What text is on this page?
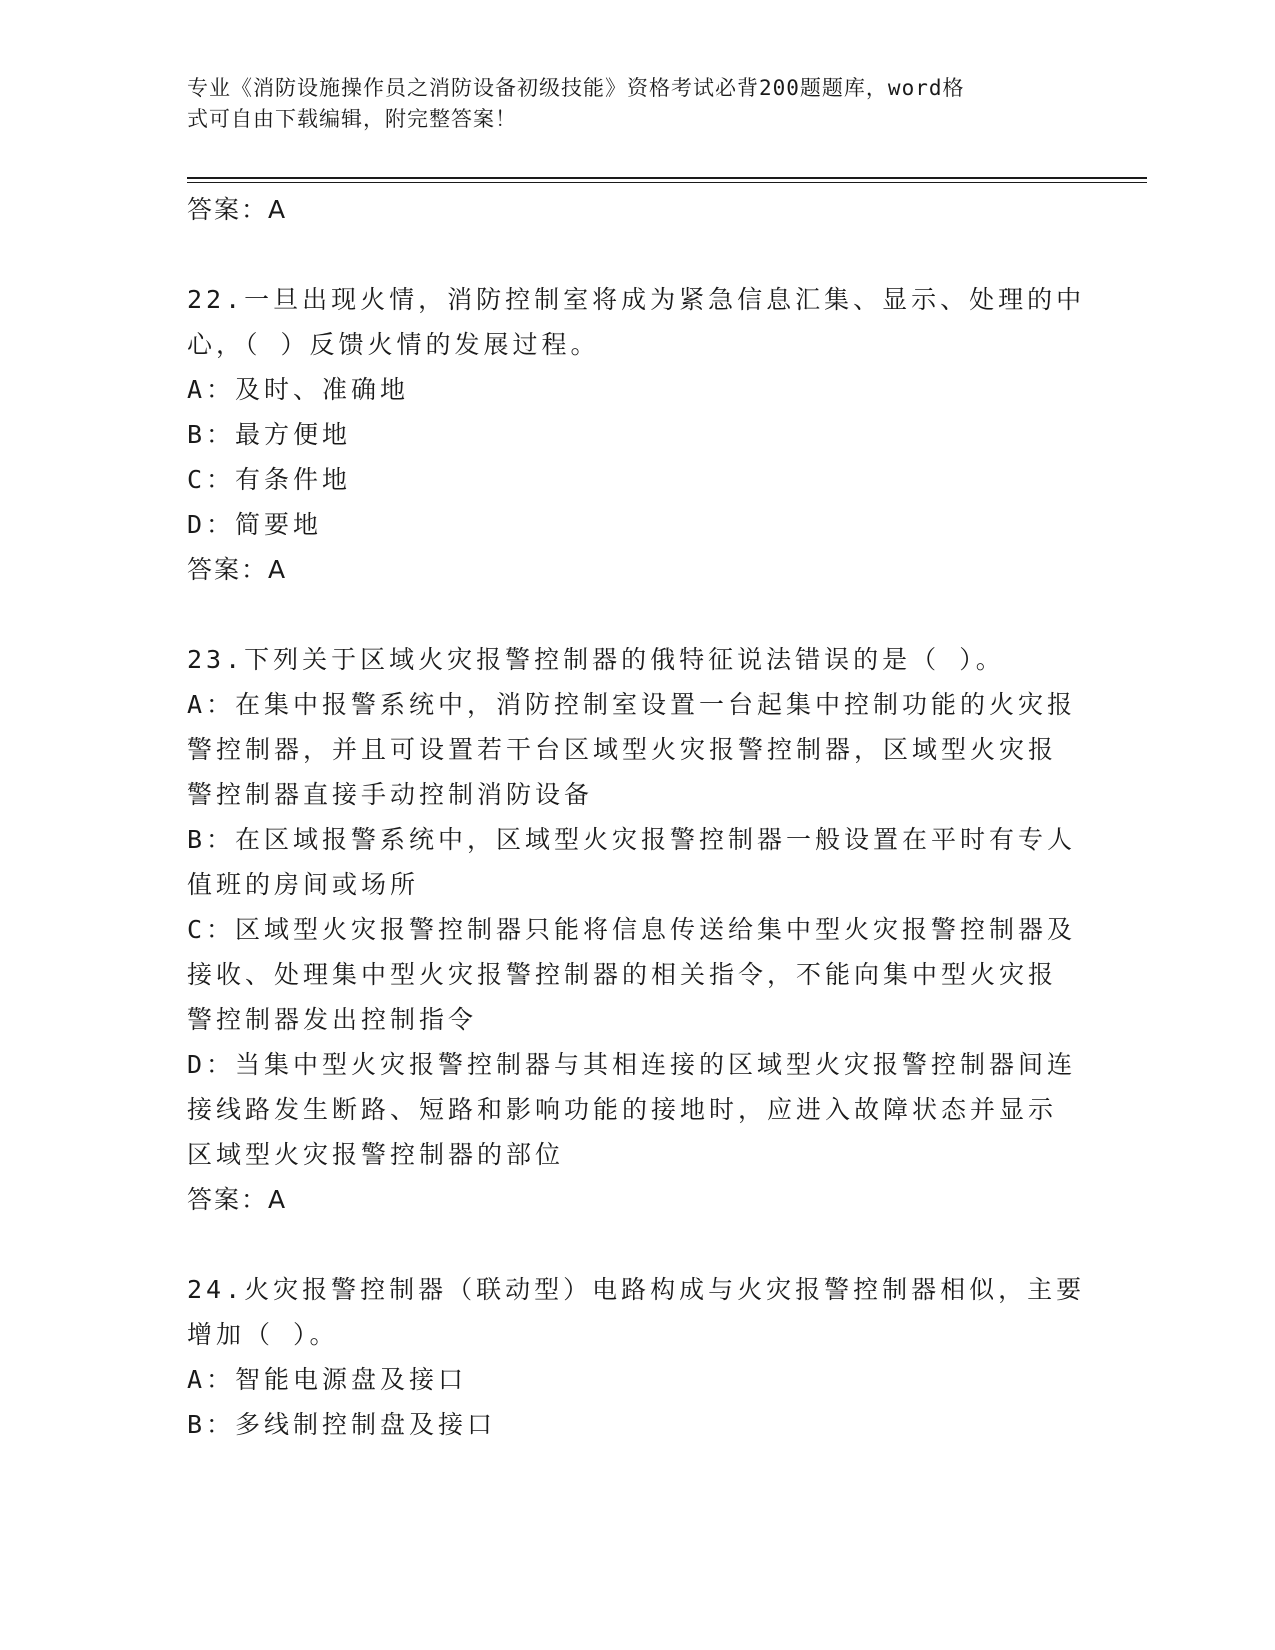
专业《消防设施操作员之消防设备初级技能》资格考试必背200题题库，word格
式可自由下载编辑，附完整答案！
答案：A
22.一旦出现火情，消防控制室将成为紧急信息汇集、显示、处理的中
心，（ ）反馈火情的发展过程。
A：及时、准确地
B：最方便地
C：有条件地
D：简要地
答案：A
23.下列关于区域火灾报警控制器的俄特征说法错误的是（ ）。
A：在集中报警系统中，消防控制室设置一台起集中控制功能的火灾报
警控制器，并且可设置若干台区域型火灾报警控制器，区域型火灾报
警控制器直接手动控制消防设备
B：在区域报警系统中，区域型火灾报警控制器一般设置在平时有专人
值班的房间或场所
C：区域型火灾报警控制器只能将信息传送给集中型火灾报警控制器及
接收、处理集中型火灾报警控制器的相关指令，不能向集中型火灾报
警控制器发出控制指令
D：当集中型火灾报警控制器与其相连接的区域型火灾报警控制器间连
接线路发生断路、短路和影响功能的接地时，应进入故障状态并显示
区域型火灾报警控制器的部位
答案：A
24.火灾报警控制器（联动型）电路构成与火灾报警控制器相似，主要
增加（ ）。
A：智能电源盘及接口
B：多线制控制盘及接口
